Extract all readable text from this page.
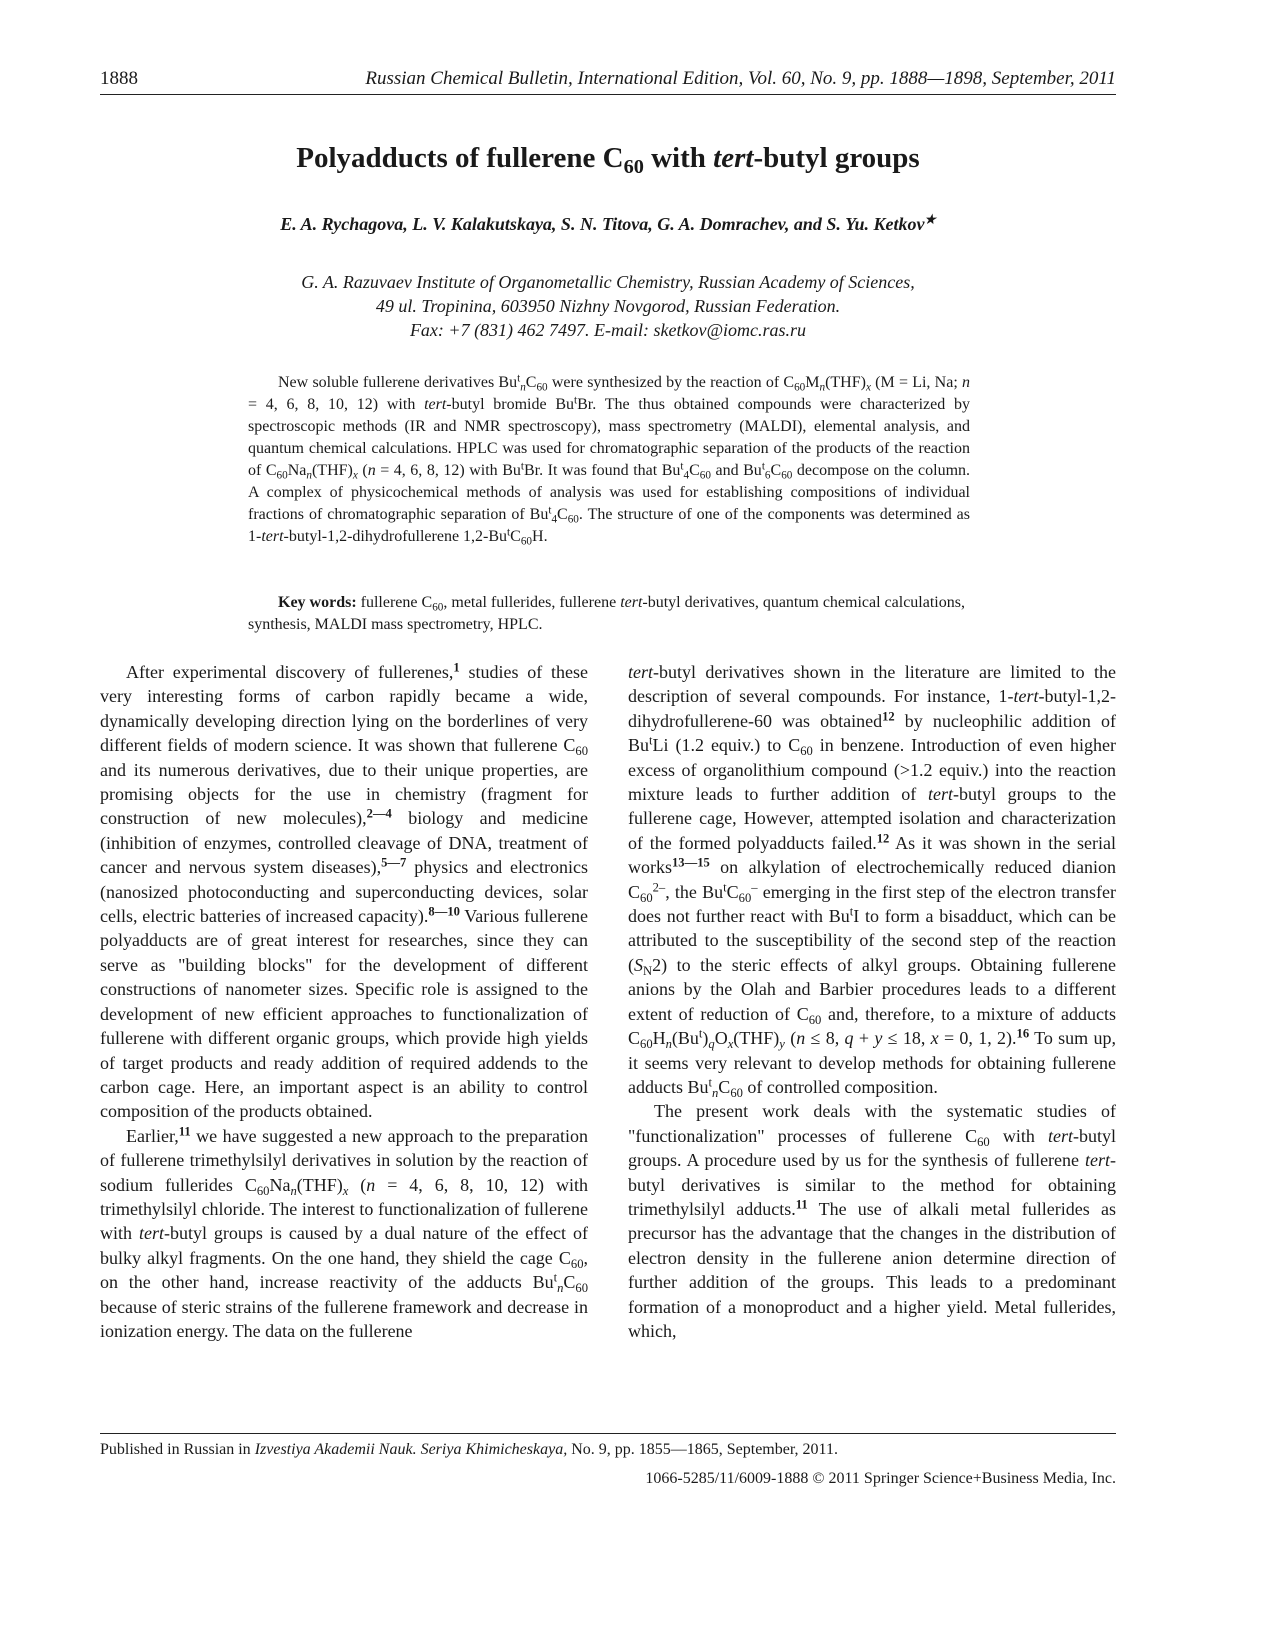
1888	Russian Chemical Bulletin, International Edition, Vol. 60, No. 9, pp. 1888—1898, September, 2011
Polyadducts of fullerene $C_{60}$ with tert-butyl groups
E. A. Rychagova, L. V. Kalakutskaya, S. N. Titova, G. A. Domrachev, and S. Yu. Ketkov★
G. A. Razuvaev Institute of Organometallic Chemistry, Russian Academy of Sciences,
49 ul. Tropinina, 603950 Nizhny Novgorod, Russian Federation.
Fax: +7 (831) 462 7497. E-mail: sketkov@iomc.ras.ru

New soluble fullerene derivatives $Bu^t_nC_{60}$ were synthesized by the reaction of $C_{60}M_n(THF)_x$ (M = Li, Na; n = 4, 6, 8, 10, 12) with tert-butyl bromide Bu$^t$Br. The thus obtained compounds were characterized by spectroscopic methods (IR and NMR spectroscopy), mass spectrometry (MALDI), elemental analysis, and quantum chemical calculations. HPLC was used for chromatographic separation of the products of the reaction of $C_{60}Na_n(THF)_x$ (n = 4, 6, 8, 12) with Bu$^t$Br. It was found that $Bu^t_4C_{60}$ and $Bu^t_6C_{60}$ decompose on the column. A complex of physicochemical methods of analysis was used for establishing compositions of individual fractions of chromatographic separation of $Bu^t_4C_{60}$. The structure of one of the components was determined as 1-tert-butyl-1,2-dihydrofullerene $1,2-Bu^tC_{60}H$.

Key words: fullerene $C_{60}$, metal fullerides, fullerene tert-butyl derivatives, quantum chemical calculations, synthesis, MALDI mass spectrometry, HPLC.

After experimental discovery of fullerenes,$^1$ studies of these very interesting forms of carbon rapidly became a wide, dynamically developing direction lying on the borderlines of very different fields of modern science. It was shown that fullerene $C_{60}$ and its numerous derivatives, due to their unique properties, are promising objects for the use in chemistry (fragment for construction of new molecules),$^{2—4}$ biology and medicine (inhibition of enzymes, controlled cleavage of DNA, treatment of cancer and nervous system diseases),$^{5—7}$ physics and electronics (nanosized photoconducting and superconducting devices, solar cells, electric batteries of increased capacity).$^{8—10}$ Various fullerene polyadducts are of great interest for researches, since they can serve as "building blocks" for the development of different constructions of nanometer sizes. Specific role is assigned to the development of new efficient approaches to functionalization of fullerene with different organic groups, which provide high yields of target products and ready addition of required addends to the carbon cage. Here, an important aspect is an ability to control composition of the products obtained.

Earlier,$^{11}$ we have suggested a new approach to the preparation of fullerene trimethylsilyl derivatives in solution by the reaction of sodium fullerides $C_{60}Na_n(THF)_x$ (n = 4, 6, 8, 10, 12) with trimethylsilyl chloride. The interest to functionalization of fullerene with tert-butyl groups is caused by a dual nature of the effect of bulky alkyl fragments. On the one hand, they shield the cage $C_{60}$, on the other hand, increase reactivity of the adducts $Bu^t_nC_{60}$ because of steric strains of the fullerene framework and decrease in ionization energy. The data on the fullerene

tert-butyl derivatives shown in the literature are limited to the description of several compounds. For instance, 1-tert-butyl-1,2-dihydrofullerene-60 was obtained$^{12}$ by nucleophilic addition of Bu$^t$Li (1.2 equiv.) to $C_{60}$ in benzene. Introduction of even higher excess of organolithium compound (>1.2 equiv.) into the reaction mixture leads to further addition of tert-butyl groups to the fullerene cage, However, attempted isolation and characterization of the formed polyadducts failed.$^{12}$ As it was shown in the serial works$^{13—15}$ on alkylation of electrochemically reduced dianion $C_{60}^{2-}$, the $Bu^tC_{60}^-$ emerging in the first step of the electron transfer does not further react with Bu$^t$I to form a bisadduct, which can be attributed to the susceptibility of the second step of the reaction $(S_N2)$ to the steric effects of alkyl groups. Obtaining fullerene anions by the Olah and Barbier procedures leads to a different extent of reduction of $C_{60}$ and, therefore, to a mixture of adducts $C_{60}H_n(Bu^t)_qO_x(THF)_y$ (n ≤ 8, q + y ≤ 18, x = 0, 1, 2).$^{16}$ To sum up, it seems very relevant to develop methods for obtaining fullerene adducts $Bu^t_nC_{60}$ of controlled composition.

The present work deals with the systematic studies of "functionalization" processes of fullerene $C_{60}$ with tert-butyl groups. A procedure used by us for the synthesis of fullerene tert-butyl derivatives is similar to the method for obtaining trimethylsilyl adducts.$^{11}$ The use of alkali metal fullerides as precursor has the advantage that the changes in the distribution of electron density in the fullerene anion determine direction of further addition of the groups. This leads to a predominant formation of a monoproduct and a higher yield. Metal fullerides, which,

Published in Russian in Izvestiya Akademii Nauk. Seriya Khimicheskaya, No. 9, pp. 1855—1865, September, 2011.
1066-5285/11/6009-1888 © 2011 Springer Science+Business Media, Inc.
